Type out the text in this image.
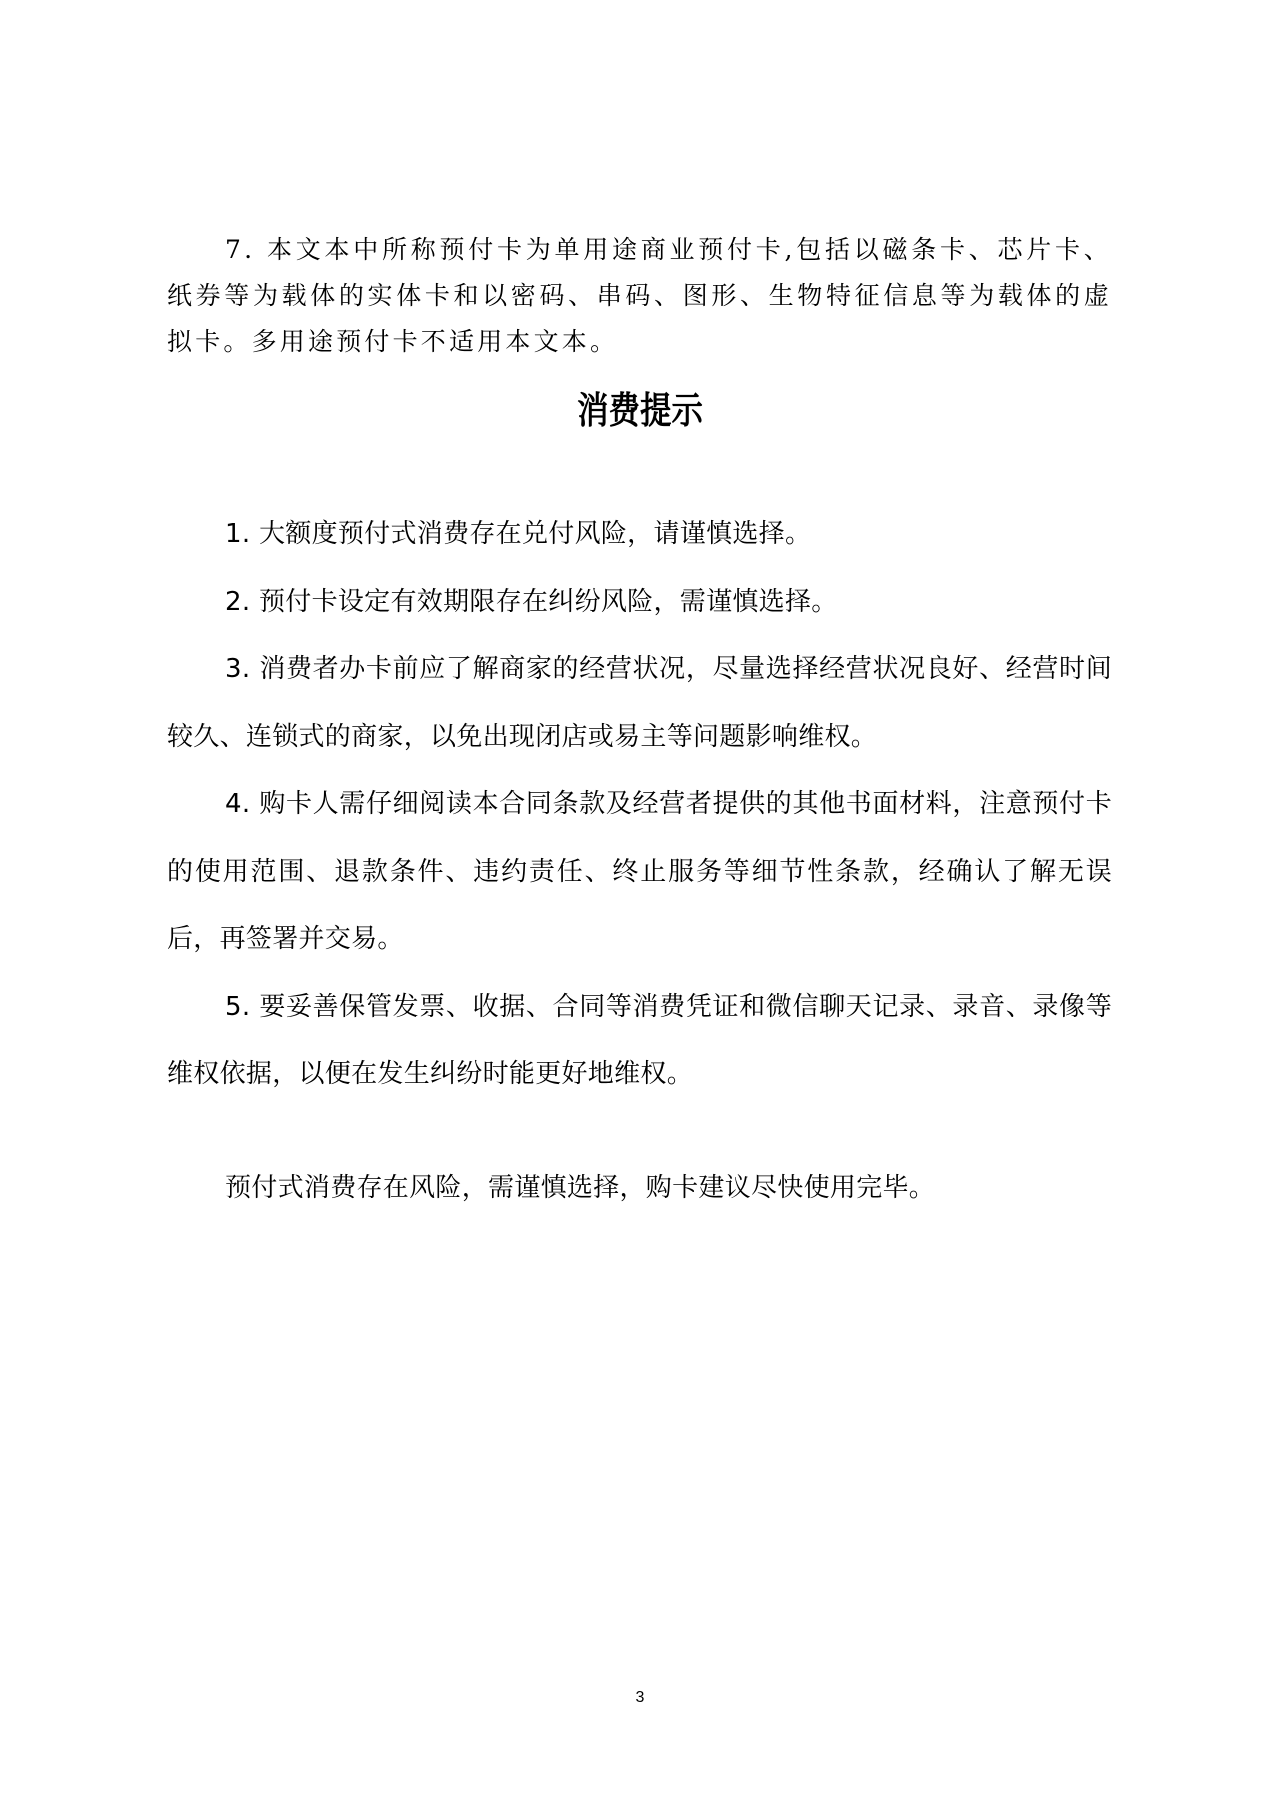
7. 本文本中所称预付卡为单用途商业预付卡,包括以磁条卡、芯片卡、纸券等为载体的实体卡和以密码、串码、图形、生物特征信息等为载体的虚拟卡。多用途预付卡不适用本文本。

消费提示

1. 大额度预付式消费存在兑付风险，请谨慎选择。

2. 预付卡设定有效期限存在纠纷风险，需谨慎选择。

3. 消费者办卡前应了解商家的经营状况，尽量选择经营状况良好、经营时间较久、连锁式的商家，以免出现闭店或易主等问题影响维权。

4. 购卡人需仔细阅读本合同条款及经营者提供的其他书面材料，注意预付卡的使用范围、退款条件、违约责任、终止服务等细节性条款，经确认了解无误后，再签署并交易。

5. 要妥善保管发票、收据、合同等消费凭证和微信聊天记录、录音、录像等维权依据，以便在发生纠纷时能更好地维权。

预付式消费存在风险，需谨慎选择，购卡建议尽快使用完毕。

3
